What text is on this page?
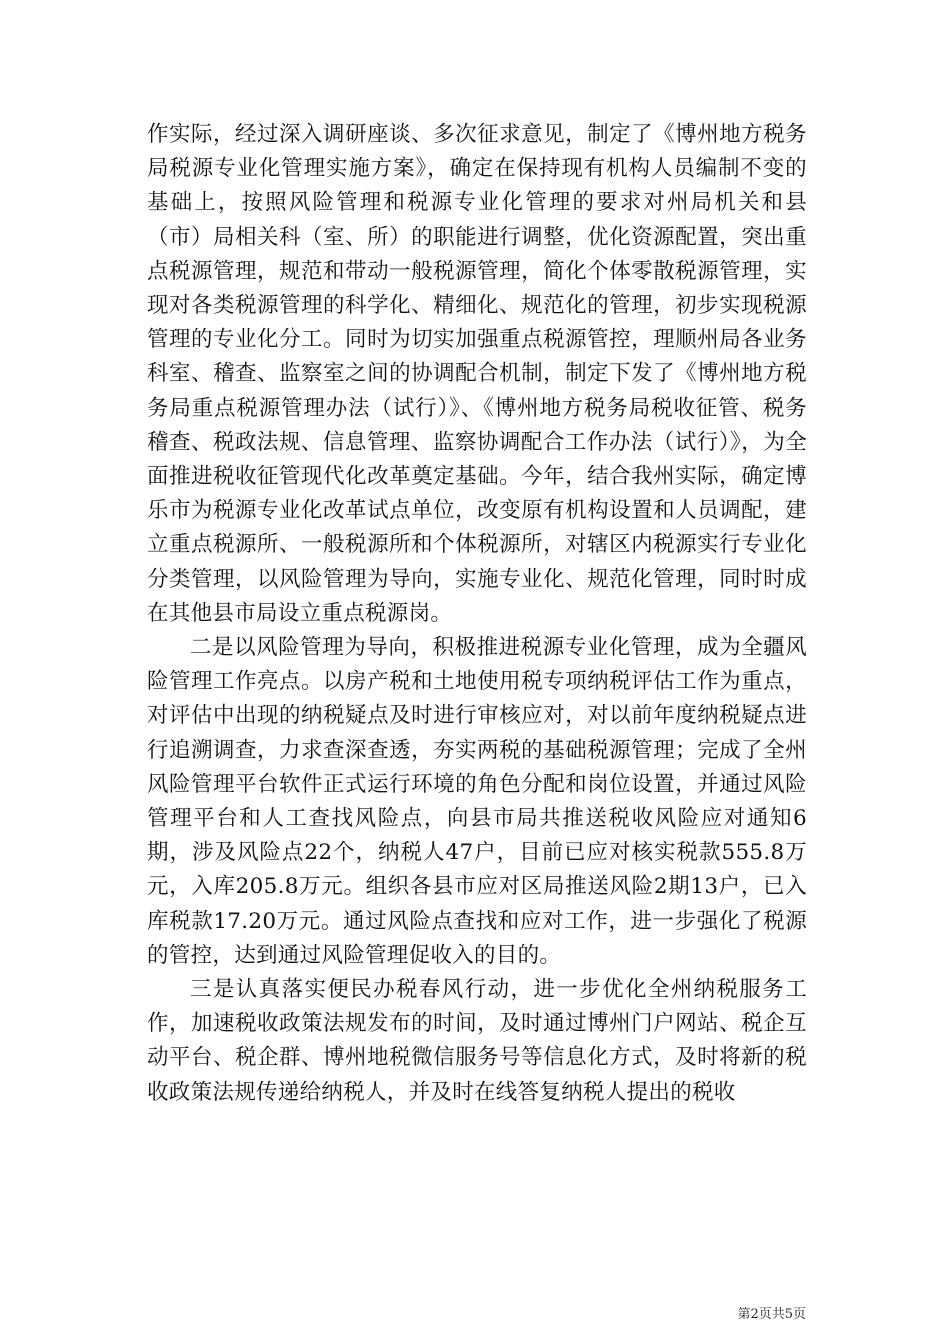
作实际，经过深入调研座谈、多次征求意见，制定了《博州地方税务局税源专业化管理实施方案》，确定在保持现有机构人员编制不变的基础上，按照风险管理和税源专业化管理的要求对州局机关和县（市）局相关科（室、所）的职能进行调整，优化资源配置，突出重点税源管理，规范和带动一般税源管理，简化个体零散税源管理，实现对各类税源管理的科学化、精细化、规范化的管理，初步实现税源管理的专业化分工。同时为切实加强重点税源管控，理顺州局各业务科室、稽查、监察室之间的协调配合机制，制定下发了《博州地方税务局重点税源管理办法（试行）》、《博州地方税务局税收征管、税务稽查、税政法规、信息管理、监察协调配合工作办法（试行）》，为全面推进税收征管现代化改革奠定基础。今年，结合我州实际，确定博乐市为税源专业化改革试点单位，改变原有机构设置和人员调配，建立重点税源所、一般税源所和个体税源所，对辖区内税源实行专业化分类管理，以风险管理为导向，实施专业化、规范化管理，同时时成在其他县市局设立重点税源岗。

二是以风险管理为导向，积极推进税源专业化管理，成为全疆风险管理工作亮点。以房产税和土地使用税专项纳税评估工作为重点，对评估中出现的纳税疑点及时进行审核应对，对以前年度纳税疑点进行追溯调查，力求查深查透，夯实两税的基础税源管理；完成了全州风险管理平台软件正式运行环境的角色分配和岗位设置，并通过风险管理平台和人工查找风险点，向县市局共推送税收风险应对通知6期，涉及风险点22个，纳税人47户，目前已应对核实税款555.8万元，入库205.8万元。组织各县市应对区局推送风险2期13户，已入库税款17.20万元。通过风险点查找和应对工作，进一步强化了税源的管控，达到通过风险管理促收入的目的。

三是认真落实便民办税春风行动，进一步优化全州纳税服务工作，加速税收政策法规发布的时间，及时通过博州门户网站、税企互动平台、税企群、博州地税微信服务号等信息化方式，及时将新的税收政策法规传递给纳税人，并及时在线答复纳税人提出的税收

第2页共5页
